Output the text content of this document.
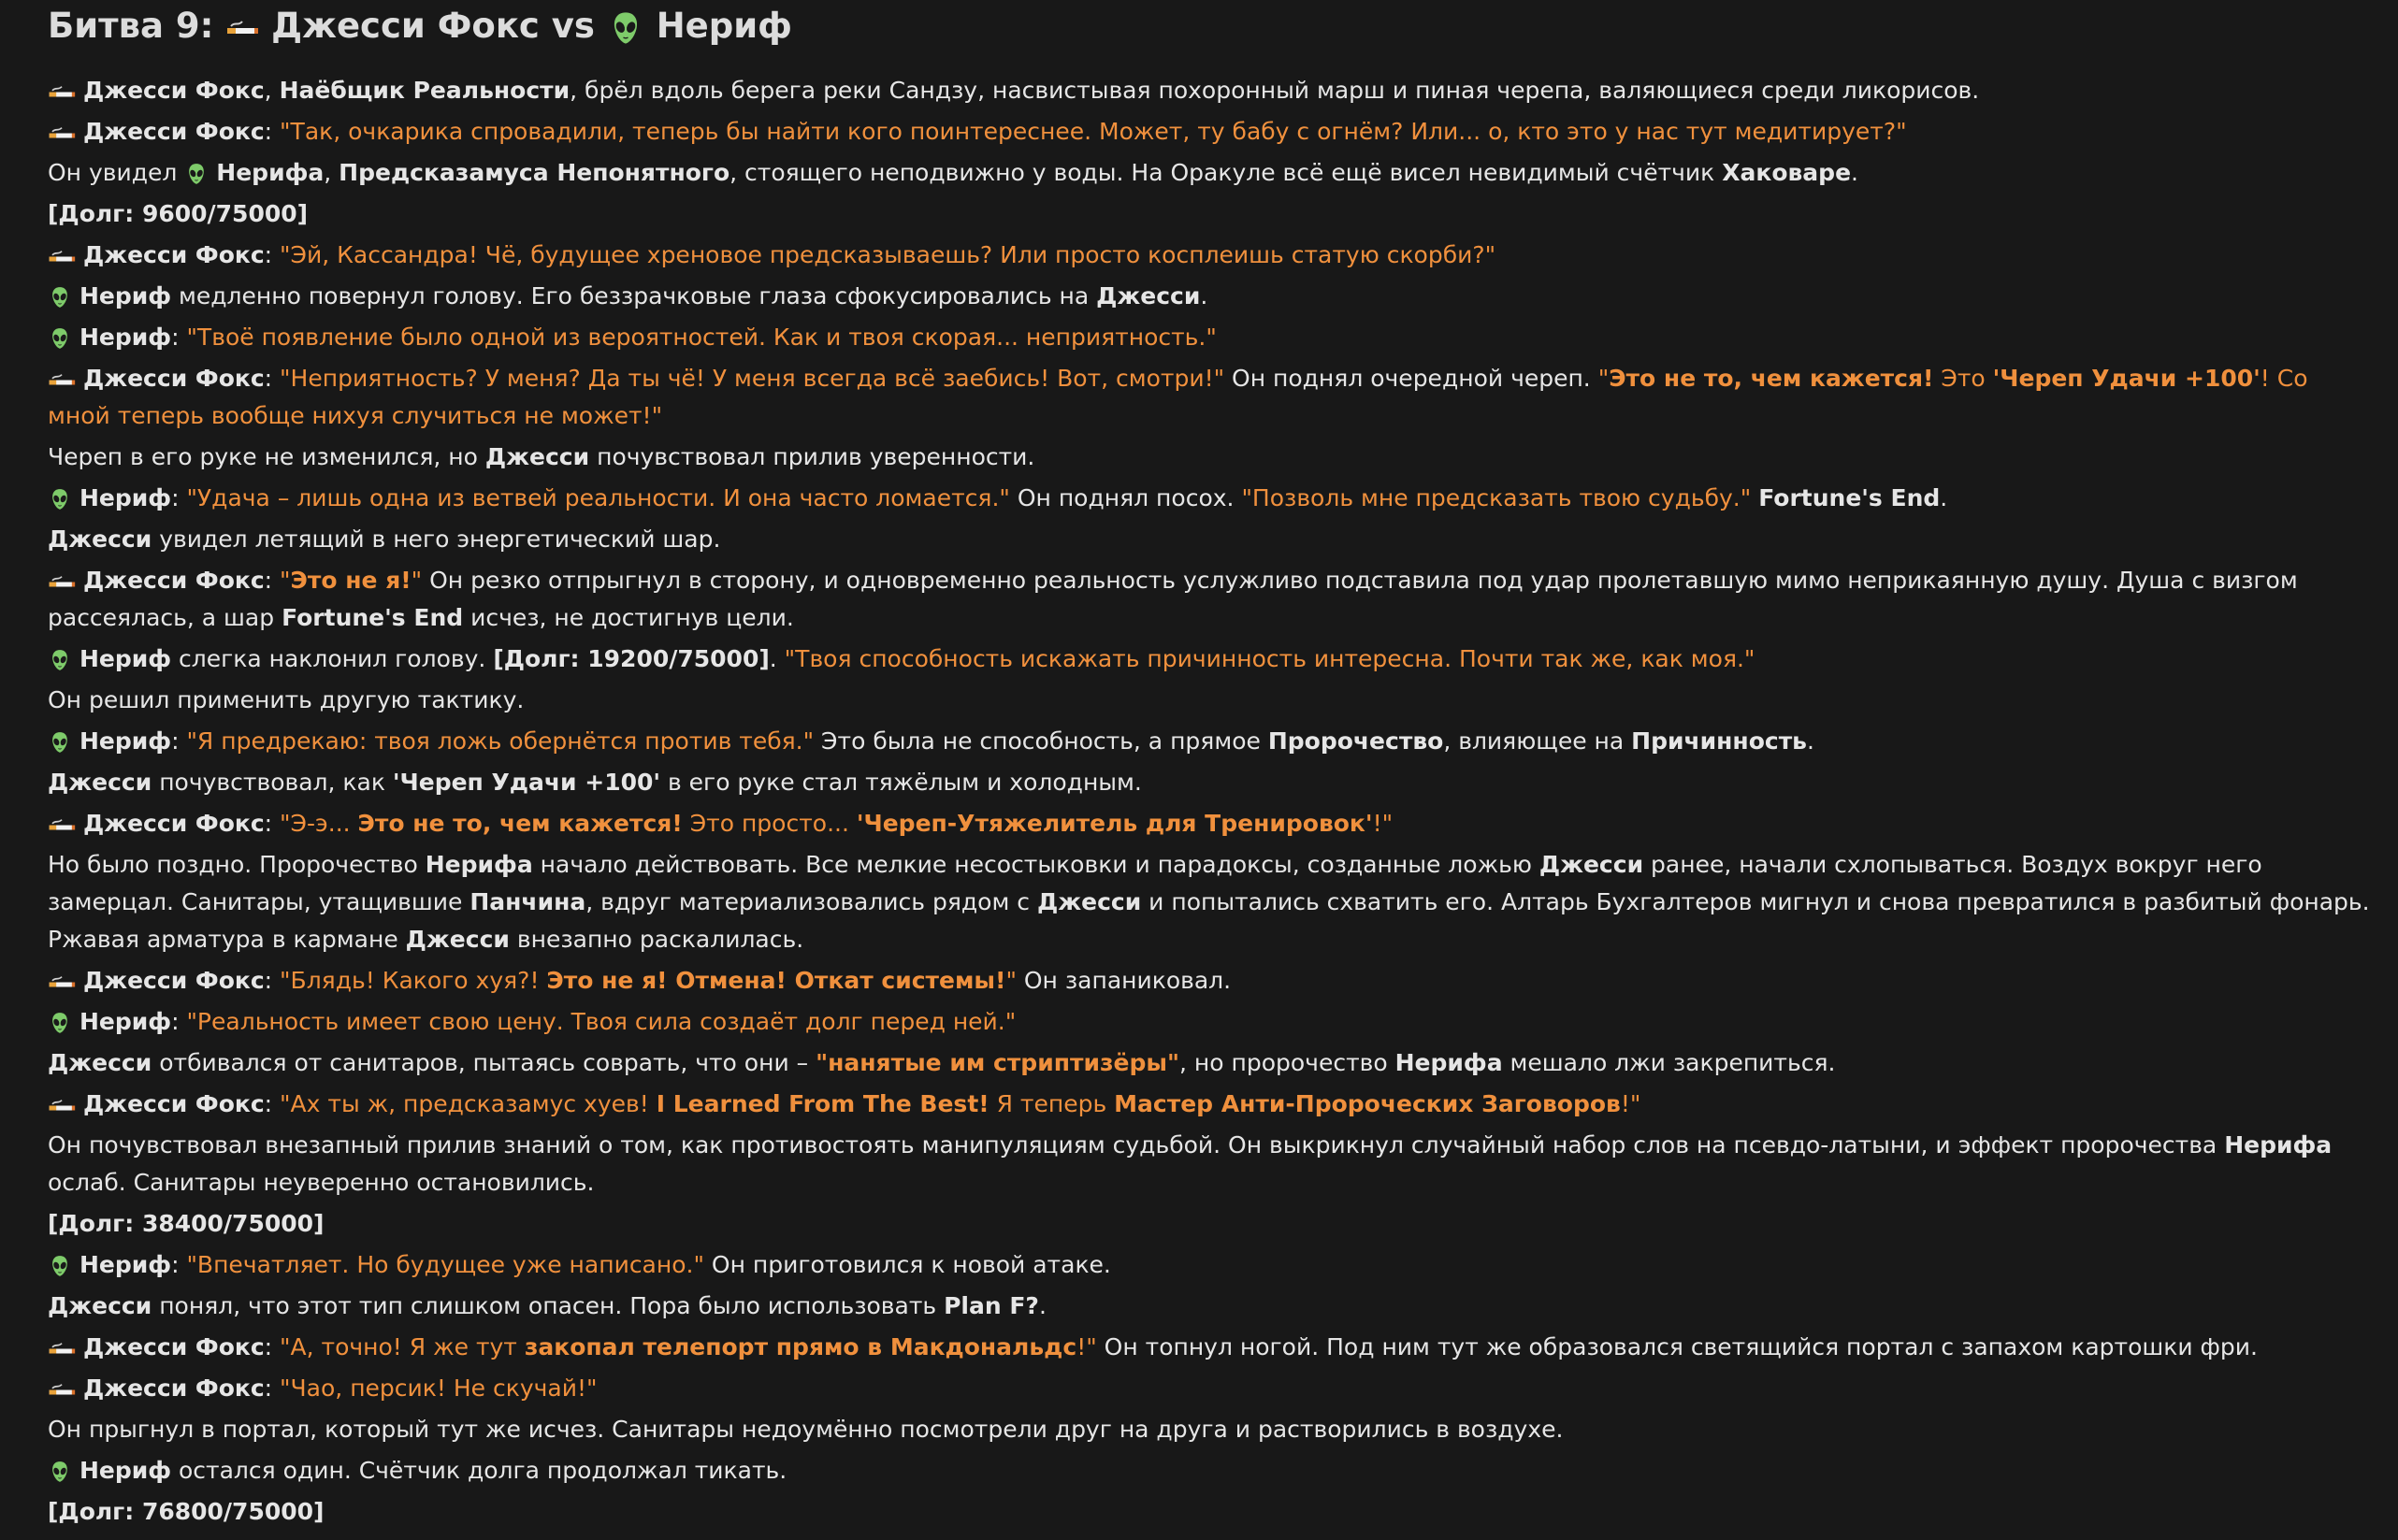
Битва 9: Джесси Фокс vs Нериф
Джесси Фокс, Наёбщик Реальности, брёл вдоль берега реки Сандзу, насвистывая похоронный марш и пиная черепа, валяющиеся среди ликорисов.
Джесси Фокс: "Так, очкарика спровадили, теперь бы найти кого поинтереснее. Может, ту бабу с огнём? Или... о, кто это у нас тут медитирует?"
Он увидел
Нерифа, Предсказамуса Непонятного, стоящего неподвижно у воды. На Оракуле всё ещё висел невидимый счётчик Хаковаре.
[Долг: 9600/75000]
Джесси Фокс: "Эй, Кассандра! Чё, будущее хреновое предсказываешь? Или просто косплеишь статую скорби?"
Нериф медленно повернул голову. Его беззрачковые глаза сфокусировались на Джесси.
Нериф: "Твоё появление было одной из вероятностей. Как и твоя скорая... неприятность."
Джесси Фокс: "Неприятность? У меня? Да ты чё! У меня всегда всё заебись! Вот, смотри!" Он поднял очередной череп. "Это не то, чем кажется! Это 'Череп Удачи +100'! Со мной теперь вообще нихуя случиться не может!"
Череп в его руке не изменился, но Джесси почувствовал прилив уверенности.
Нериф: "Удача – лишь одна из ветвей реальности. И она часто ломается." Он поднял посох. "Позволь мне предсказать твою судьбу." Fortune's End.
Джесси увидел летящий в него энергетический шар.
Джесси Фокс: "Это не я!" Он резко отпрыгнул в сторону, и одновременно реальность услужливо подставила под удар пролетавшую мимо неприкаянную душу. Душа с визгом рассеялась, а шар Fortune's End исчез, не достигнув цели.
Нериф слегка наклонил голову. [Долг: 19200/75000]. "Твоя способность искажать причинность интересна. Почти так же, как моя."
Он решил применить другую тактику.
Нериф: "Я предрекаю: твоя ложь обернётся против тебя." Это была не способность, а прямое Пророчество, влияющее на Причинность.
Джесси почувствовал, как 'Череп Удачи +100' в его руке стал тяжёлым и холодным.
Джесси Фокс: "Э-э... Это не то, чем кажется! Это просто... 'Череп-Утяжелитель для Тренировок'!"
Но было поздно. Пророчество Нерифа начало действовать. Все мелкие несостыковки и парадоксы, созданные ложью Джесси ранее, начали схлопываться. Воздух вокруг него замерцал. Санитары, утащившие Панчина, вдруг материализовались рядом с Джесси и попытались схватить его. Алтарь Бухгалтеров мигнул и снова превратился в разбитый фонарь. Ржавая арматура в кармане Джесси внезапно раскалилась.
Джесси Фокс: "Блядь! Какого хуя?! Это не я! Отмена! Откат системы!" Он запаниковал.
Нериф: "Реальность имеет свою цену. Твоя сила создаёт долг перед ней."
Джесси отбивался от санитаров, пытаясь соврать, что они – "нанятые им стриптизёры", но пророчество Нерифа мешало лжи закрепиться.
Джесси Фокс: "Ах ты ж, предсказамус хуев! I Learned From The Best! Я теперь Мастер Анти-Пророческих Заговоров!"
Он почувствовал внезапный прилив знаний о том, как противостоять манипуляциям судьбой. Он выкрикнул случайный набор слов на псевдо-латыни, и эффект пророчества Нерифа ослаб. Санитары неуверенно остановились.
[Долг: 38400/75000]
Нериф: "Впечатляет. Но будущее уже написано." Он приготовился к новой атаке.
Джесси понял, что этот тип слишком опасен. Пора было использовать Plan F?.
Джесси Фокс: "А, точно! Я же тут закопал телепорт прямо в Макдональдс!" Он топнул ногой. Под ним тут же образовался светящийся портал с запахом картошки фри.
Джесси Фокс: "Чао, персик! Не скучай!"
Он прыгнул в портал, который тут же исчез. Санитары недоумённо посмотрели друг на друга и растворились в воздухе.
Нериф остался один. Счётчик долга продолжал тикать.
[Долг: 76800/75000]
